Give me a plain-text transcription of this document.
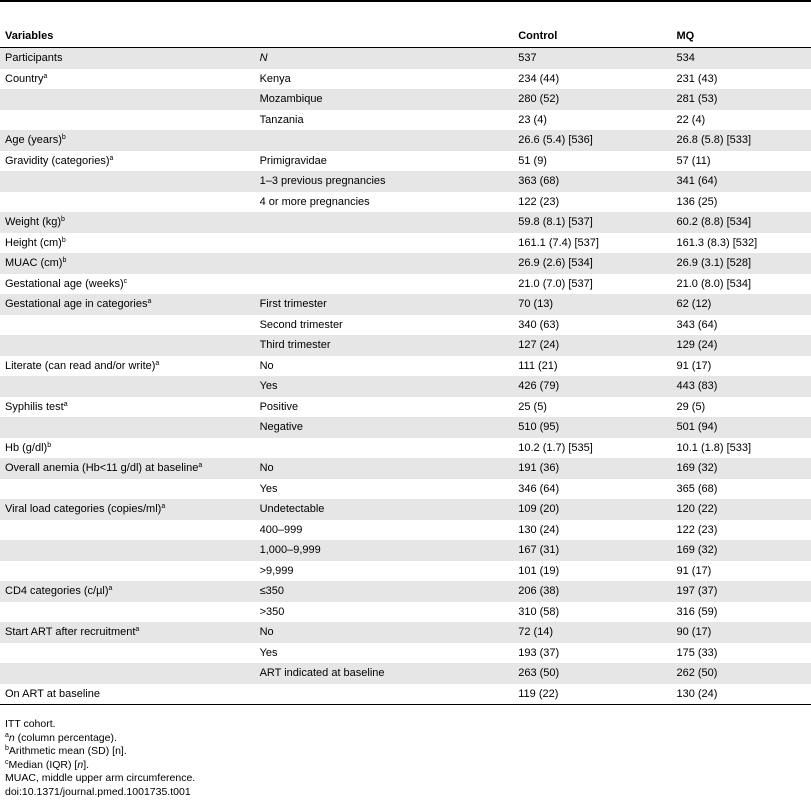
Variables		Control	MQ
Participants	N	537	534
Country$^a$	Kenya	234 (44)	231 (43)
	Mozambique	280 (52)	281 (53)
	Tanzania	23 (4)	22 (4)
Age (years)$^b$		26.6 (5.4) [536]	26.8 (5.8) [533]
Gravidity (categories)$^a$	Primigravidae	51 (9)	57 (11)
	1–3 previous pregnancies	363 (68)	341 (64)
	4 or more pregnancies	122 (23)	136 (25)
Weight (kg)$^b$		59.8 (8.1) [537]	60.2 (8.8) [534]
Height (cm)$^b$		161.1 (7.4) [537]	161.3 (8.3) [532]
MUAC (cm)$^b$		26.9 (2.6) [534]	26.9 (3.1) [528]
Gestational age (weeks)$^c$		21.0 (7.0) [537]	21.0 (8.0) [534]
Gestational age in categories$^a$	First trimester	70 (13)	62 (12)
	Second trimester	340 (63)	343 (64)
	Third trimester	127 (24)	129 (24)
Literate (can read and/or write)$^a$	No	111 (21)	91 (17)
	Yes	426 (79)	443 (83)
Syphilis test$^a$	Positive	25 (5)	29 (5)
	Negative	510 (95)	501 (94)
Hb $(g/dl)^b$		10.2 (1.7) [535]	10.1 (1.8) [533]
Overall anemia (Hb<11 g/dl) at baseline$^a$	No	191 (36)	169 (32)
	Yes	346 (64)	365 (68)
Viral load categories (copies/ml)$^a$	Undetectable	109 (20)	120 (22)
	400–999	130 (24)	122 (23)
	1,000–9,999	167 (31)	169 (32)
	>9,999	101 (19)	91 (17)
CD4 categories $(c/\mu l)^a$	≤350	206 (38)	197 (37)
	>350	310 (58)	316 (59)
Start ART after recruitment$^a$	No	72 (14)	90 (17)
	Yes	193 (37)	175 (33)
	ART indicated at baseline	263 (50)	262 (50)
On ART at baseline		119 (22)	130 (24)
ITT cohort.
$^a$n (column percentage).
$^b$Arithmetic mean (SD) [n].
$^c$Median (IQR) [n].
MUAC, middle upper arm circumference.
doi:10.1371/journal.pmed.1001735.t001
